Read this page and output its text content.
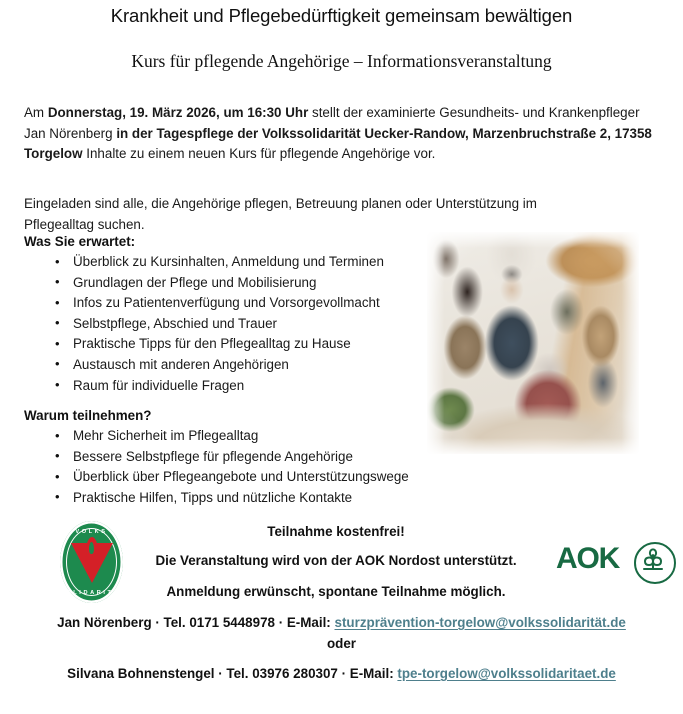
Krankheit und Pflegebedürftigkeit gemeinsam bewältigen
Kurs für pflegende Angehörige – Informationsveranstaltung

Am Donnerstag, 19. März 2026, um 16:30 Uhr stellt der examinierte Gesundheits- und Krankenpfleger Jan Nörenberg in der Tagespflege der Volkssolidarität Uecker-Randow, Marzenbruchstraße 2, 17358 Torgelow Inhalte zu einem neuen Kurs für pflegende Angehörige vor.

Eingeladen sind alle, die Angehörige pflegen, Betreuung planen oder Unterstützung im Pflegealltag suchen.

Was Sie erwartet:
• Überblick zu Kursinhalten, Anmeldung und Terminen
• Grundlagen der Pflege und Mobilisierung
• Infos zu Patientenverfügung und Vorsorgevollmacht
• Selbstpflege, Abschied und Trauer
• Praktische Tipps für den Pflegealltag zu Hause
• Austausch mit anderen Angehörigen
• Raum für individuelle Fragen
Warum teilnehmen?
• Mehr Sicherheit im Pflegealltag
• Bessere Selbstpflege für pflegende Angehörige
• Überblick über Pflegeangebote und Unterstützungswege
• Praktische Hilfen, Tipps und nützliche Kontakte
VOLKS
SOLIDARITÄT
AOK
Teilnahme kostenfrei!
Die Veranstaltung wird von der AOK Nordost unterstützt.
Anmeldung erwünscht, spontane Teilnahme möglich.
Jan Nörenberg · Tel. 0171 5448978 · E-Mail: sturzprävention-torgelow@volkssolidarität.de
oder
Silvana Bohnenstengel · Tel. 03976 280307 · E-Mail: tpe-torgelow@volkssolidaritaet.de
